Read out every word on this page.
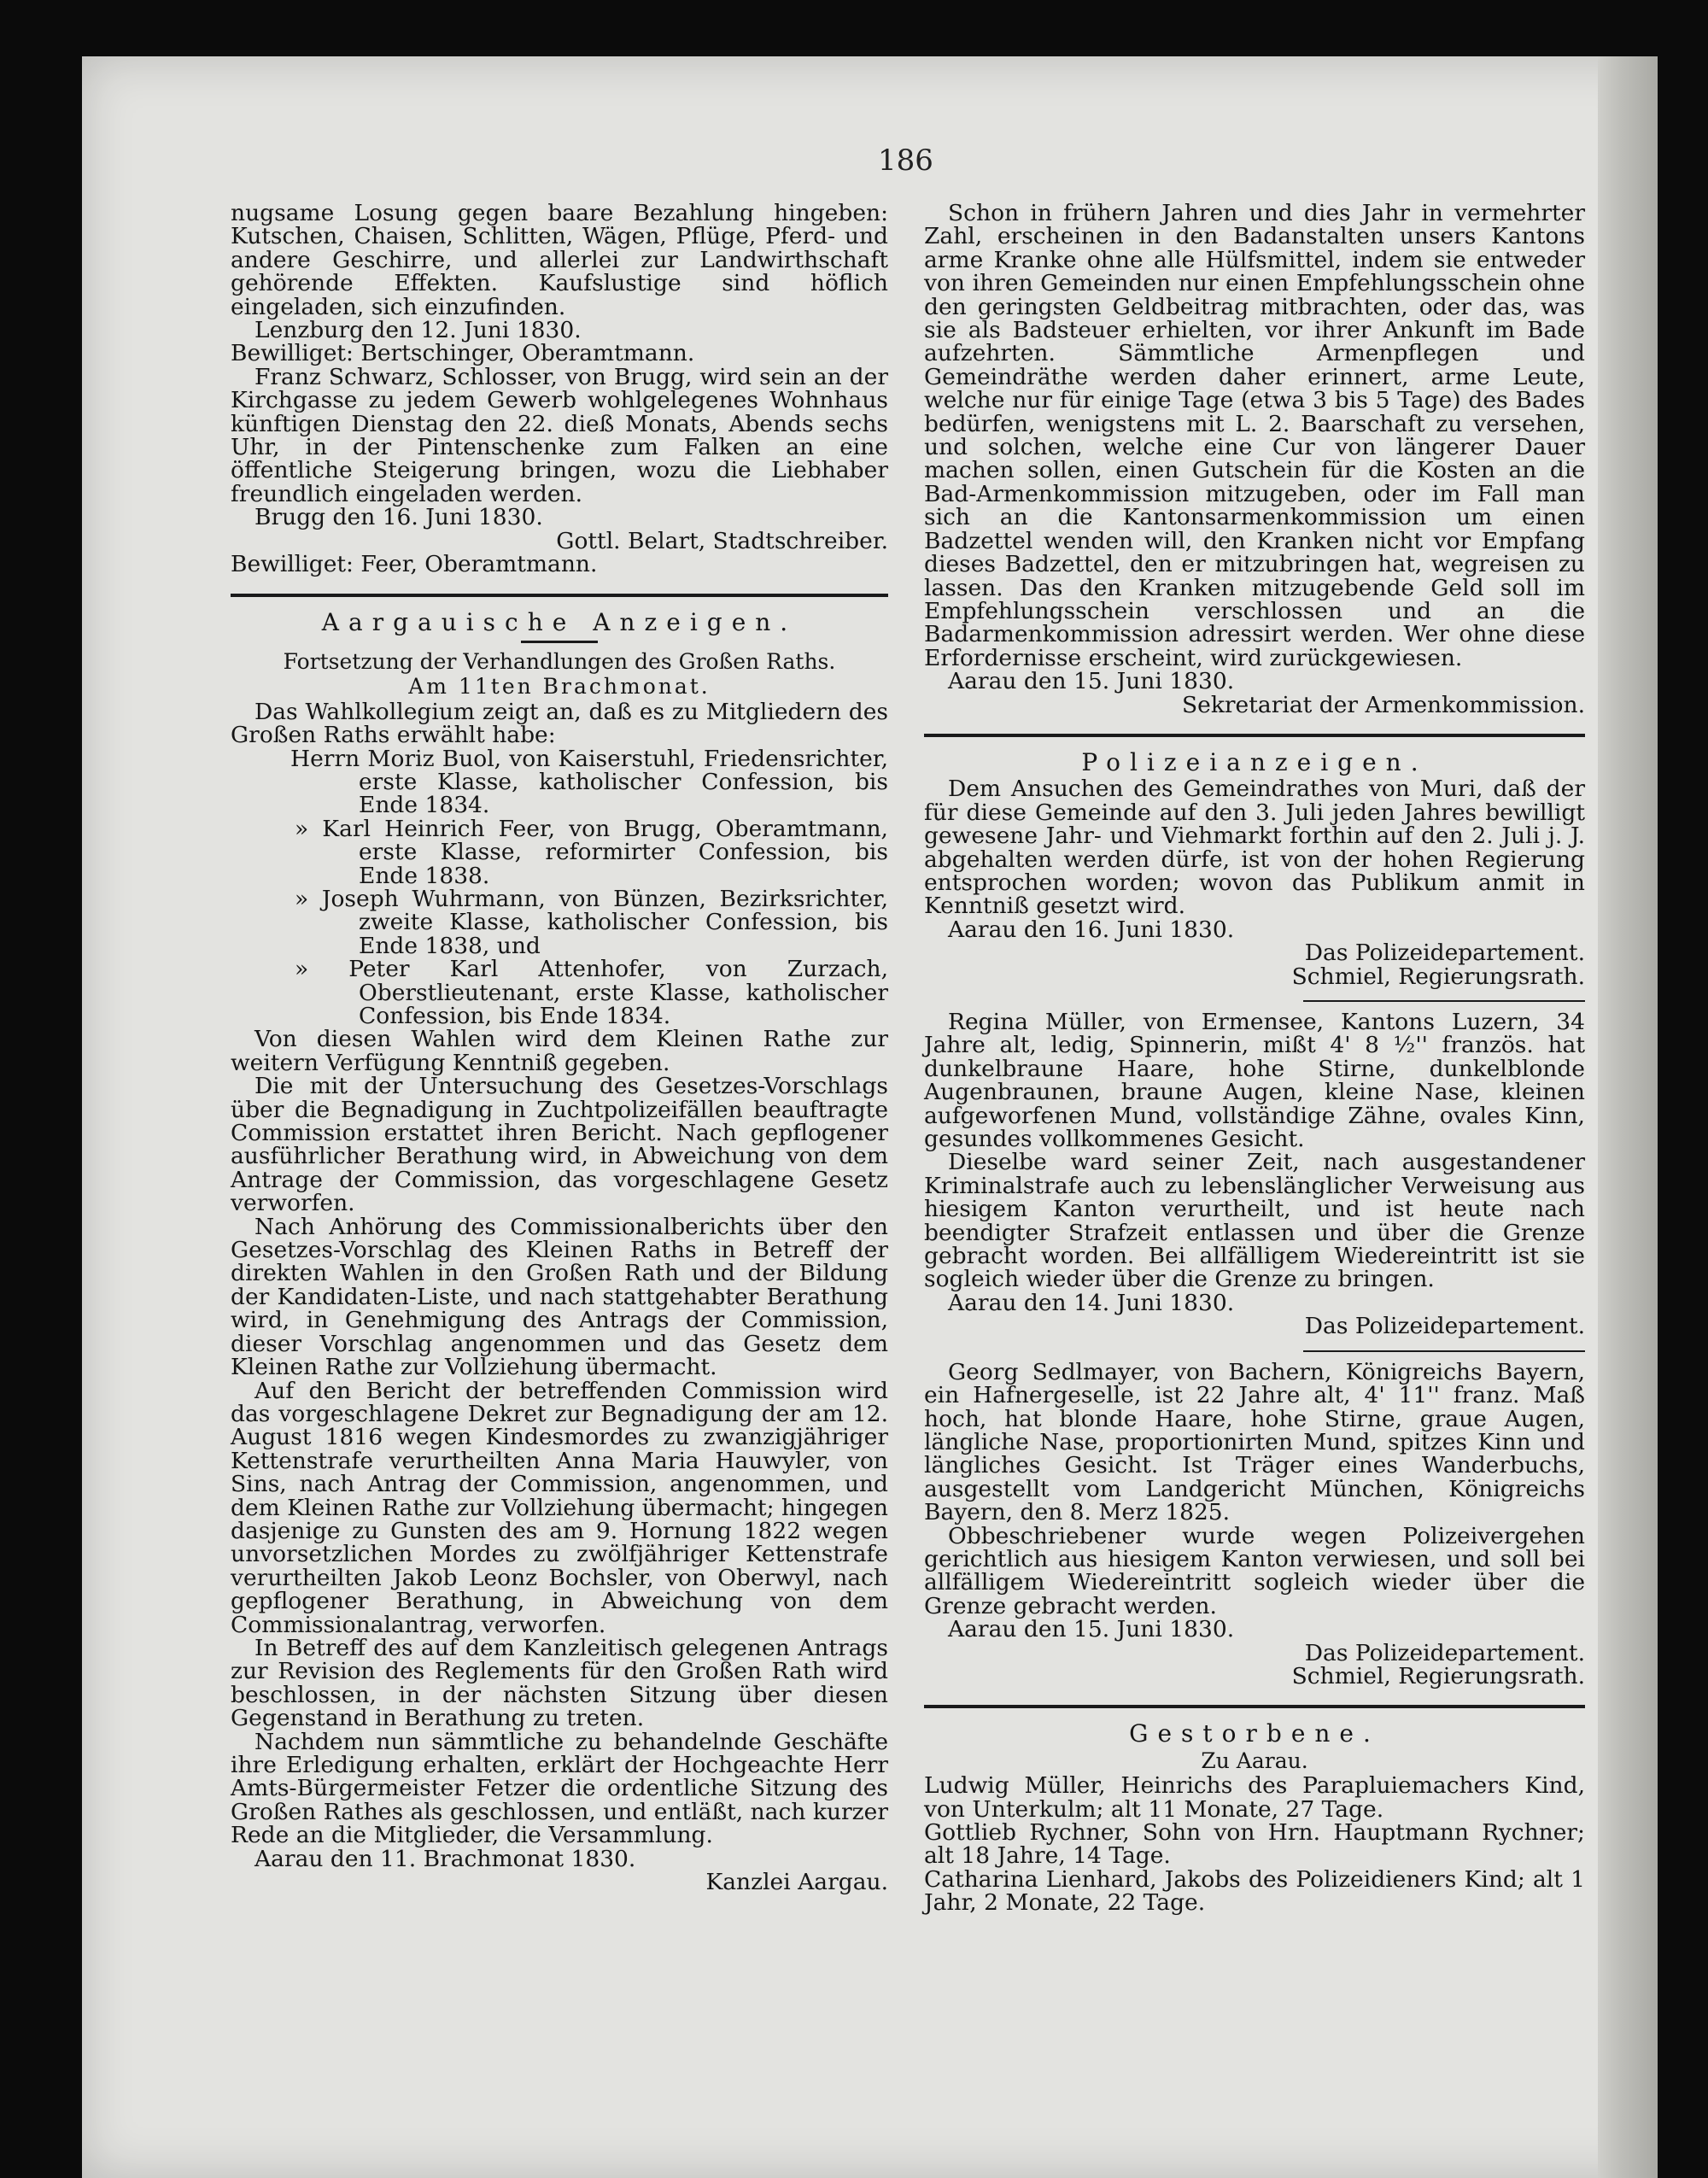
186

nugsame Losung gegen baare Bezahlung hingeben: Kutschen, Chaisen, Schlitten, Wägen, Pflüge, Pferd- und andere Geschirre, und allerlei zur Landwirthschaft gehörende Effekten. Kaufslustige sind höflich eingeladen, sich einzufinden.

Lenzburg den 12. Juni 1830.

Bewilliget: Bertschinger, Oberamtmann.

Franz Schwarz, Schlosser, von Brugg, wird sein an der Kirchgasse zu jedem Gewerb wohlgelegenes Wohnhaus künftigen Dienstag den 22. dieß Monats, Abends sechs Uhr, in der Pintenschenke zum Falken an eine öffentliche Steigerung bringen, wozu die Liebhaber freundlich eingeladen werden.

Brugg den 16. Juni 1830.

Gottl. Belart, Stadtschreiber.

Bewilliget: Feer, Oberamtmann.

Aargauische Anzeigen.
Fortsetzung der Verhandlungen des Großen Raths.
Am 11ten Brachmonat.

Das Wahlkollegium zeigt an, daß es zu Mitgliedern des Großen Raths erwählt habe:

Herrn Moriz Buol, von Kaiserstuhl, Friedensrichter, erste Klasse, katholischer Confession, bis Ende 1834.

» Karl Heinrich Feer, von Brugg, Oberamtmann, erste Klasse, reformirter Confession, bis Ende 1838.

» Joseph Wuhrmann, von Bünzen, Bezirksrichter, zweite Klasse, katholischer Confession, bis Ende 1838, und

» Peter Karl Attenhofer, von Zurzach, Oberstlieutenant, erste Klasse, katholischer Confession, bis Ende 1834.

Von diesen Wahlen wird dem Kleinen Rathe zur weitern Verfügung Kenntniß gegeben.

Die mit der Untersuchung des Gesetzes-Vorschlags über die Begnadigung in Zuchtpolizeifällen beauftragte Commission erstattet ihren Bericht. Nach gepflogener ausführlicher Berathung wird, in Abweichung von dem Antrage der Commission, das vorgeschlagene Gesetz verworfen.

Nach Anhörung des Commissionalberichts über den Gesetzes-Vorschlag des Kleinen Raths in Betreff der direkten Wahlen in den Großen Rath und der Bildung der Kandidaten-Liste, und nach stattgehabter Berathung wird, in Genehmigung des Antrags der Commission, dieser Vorschlag angenommen und das Gesetz dem Kleinen Rathe zur Vollziehung übermacht.

Auf den Bericht der betreffenden Commission wird das vorgeschlagene Dekret zur Begnadigung der am 12. August 1816 wegen Kindesmordes zu zwanzigjähriger Kettenstrafe verurtheilten Anna Maria Hauwyler, von Sins, nach Antrag der Commission, angenommen, und dem Kleinen Rathe zur Vollziehung übermacht; hingegen dasjenige zu Gunsten des am 9. Hornung 1822 wegen unvorsetzlichen Mordes zu zwölfjähriger Kettenstrafe verurtheilten Jakob Leonz Bochsler, von Oberwyl, nach gepflogener Berathung, in Abweichung von dem Commissionalantrag, verworfen.

In Betreff des auf dem Kanzleitisch gelegenen Antrags zur Revision des Reglements für den Großen Rath wird beschlossen, in der nächsten Sitzung über diesen Gegenstand in Berathung zu treten.

Nachdem nun sämmtliche zu behandelnde Geschäfte ihre Erledigung erhalten, erklärt der Hochgeachte Herr Amts-Bürgermeister Fetzer die ordentliche Sitzung des Großen Rathes als geschlossen, und entläßt, nach kurzer Rede an die Mitglieder, die Versammlung.

Aarau den 11. Brachmonat 1830.

Kanzlei Aargau.

Schon in frühern Jahren und dies Jahr in vermehrter Zahl, erscheinen in den Badanstalten unsers Kantons arme Kranke ohne alle Hülfsmittel, indem sie entweder von ihren Gemeinden nur einen Empfehlungsschein ohne den geringsten Geldbeitrag mitbrachten, oder das, was sie als Badsteuer erhielten, vor ihrer Ankunft im Bade aufzehrten. Sämmtliche Armenpflegen und Gemeindräthe werden daher erinnert, arme Leute, welche nur für einige Tage (etwa 3 bis 5 Tage) des Bades bedürfen, wenigstens mit L. 2. Baarschaft zu versehen, und solchen, welche eine Cur von längerer Dauer machen sollen, einen Gutschein für die Kosten an die Bad-Armenkommission mitzugeben, oder im Fall man sich an die Kantonsarmenkommission um einen Badzettel wenden will, den Kranken nicht vor Empfang dieses Badzettel, den er mitzubringen hat, wegreisen zu lassen. Das den Kranken mitzugebende Geld soll im Empfehlungsschein verschlossen und an die Badarmenkommission adressirt werden. Wer ohne diese Erfordernisse erscheint, wird zurückgewiesen.

Aarau den 15. Juni 1830.

Sekretariat der Armenkommission.

Polizeianzeigen.

Dem Ansuchen des Gemeindrathes von Muri, daß der für diese Gemeinde auf den 3. Juli jeden Jahres bewilligt gewesene Jahr- und Viehmarkt forthin auf den 2. Juli j. J. abgehalten werden dürfe, ist von der hohen Regierung entsprochen worden; wovon das Publikum anmit in Kenntniß gesetzt wird.

Aarau den 16. Juni 1830.

Das Polizeidepartement.

Schmiel, Regierungsrath.

Regina Müller, von Ermensee, Kantons Luzern, 34 Jahre alt, ledig, Spinnerin, mißt 4' 8 ½'' französ. hat dunkelbraune Haare, hohe Stirne, dunkelblonde Augenbraunen, braune Augen, kleine Nase, kleinen aufgeworfenen Mund, vollständige Zähne, ovales Kinn, gesundes vollkommenes Gesicht.

Dieselbe ward seiner Zeit, nach ausgestandener Kriminalstrafe auch zu lebenslänglicher Verweisung aus hiesigem Kanton verurtheilt, und ist heute nach beendigter Strafzeit entlassen und über die Grenze gebracht worden. Bei allfälligem Wiedereintritt ist sie sogleich wieder über die Grenze zu bringen.

Aarau den 14. Juni 1830.

Das Polizeidepartement.

Georg Sedlmayer, von Bachern, Königreichs Bayern, ein Hafnergeselle, ist 22 Jahre alt, 4' 11'' franz. Maß hoch, hat blonde Haare, hohe Stirne, graue Augen, längliche Nase, proportionirten Mund, spitzes Kinn und längliches Gesicht. Ist Träger eines Wanderbuchs, ausgestellt vom Landgericht München, Königreichs Bayern, den 8. Merz 1825.

Obbeschriebener wurde wegen Polizeivergehen gerichtlich aus hiesigem Kanton verwiesen, und soll bei allfälligem Wiedereintritt sogleich wieder über die Grenze gebracht werden.

Aarau den 15. Juni 1830.

Das Polizeidepartement.

Schmiel, Regierungsrath.

Gestorbene.
Zu Aarau.

Ludwig Müller, Heinrichs des Parapluiemachers Kind, von Unterkulm; alt 11 Monate, 27 Tage.

Gottlieb Rychner, Sohn von Hrn. Hauptmann Rychner; alt 18 Jahre, 14 Tage.

Catharina Lienhard, Jakobs des Polizeidieners Kind; alt 1 Jahr, 2 Monate, 22 Tage.
